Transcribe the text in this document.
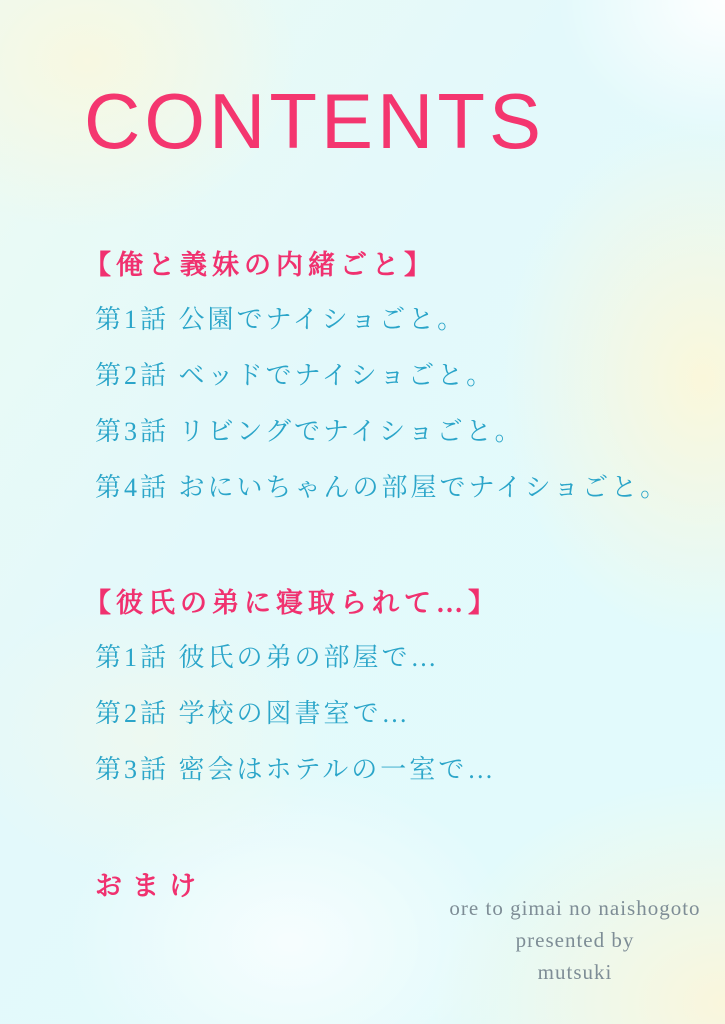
CONTENTS
【俺と義妹の内緒ごと】
第1話 公園でナイショごと。
第2話 ベッドでナイショごと。
第3話 リビングでナイショごと。
第4話 おにいちゃんの部屋でナイショごと。
【彼氏の弟に寝取られて…】
第1話 彼氏の弟の部屋で…
第2話 学校の図書室で…
第3話 密会はホテルの一室で…
おまけ
ore to gimai no naishogoto
presented by
mutsuki
